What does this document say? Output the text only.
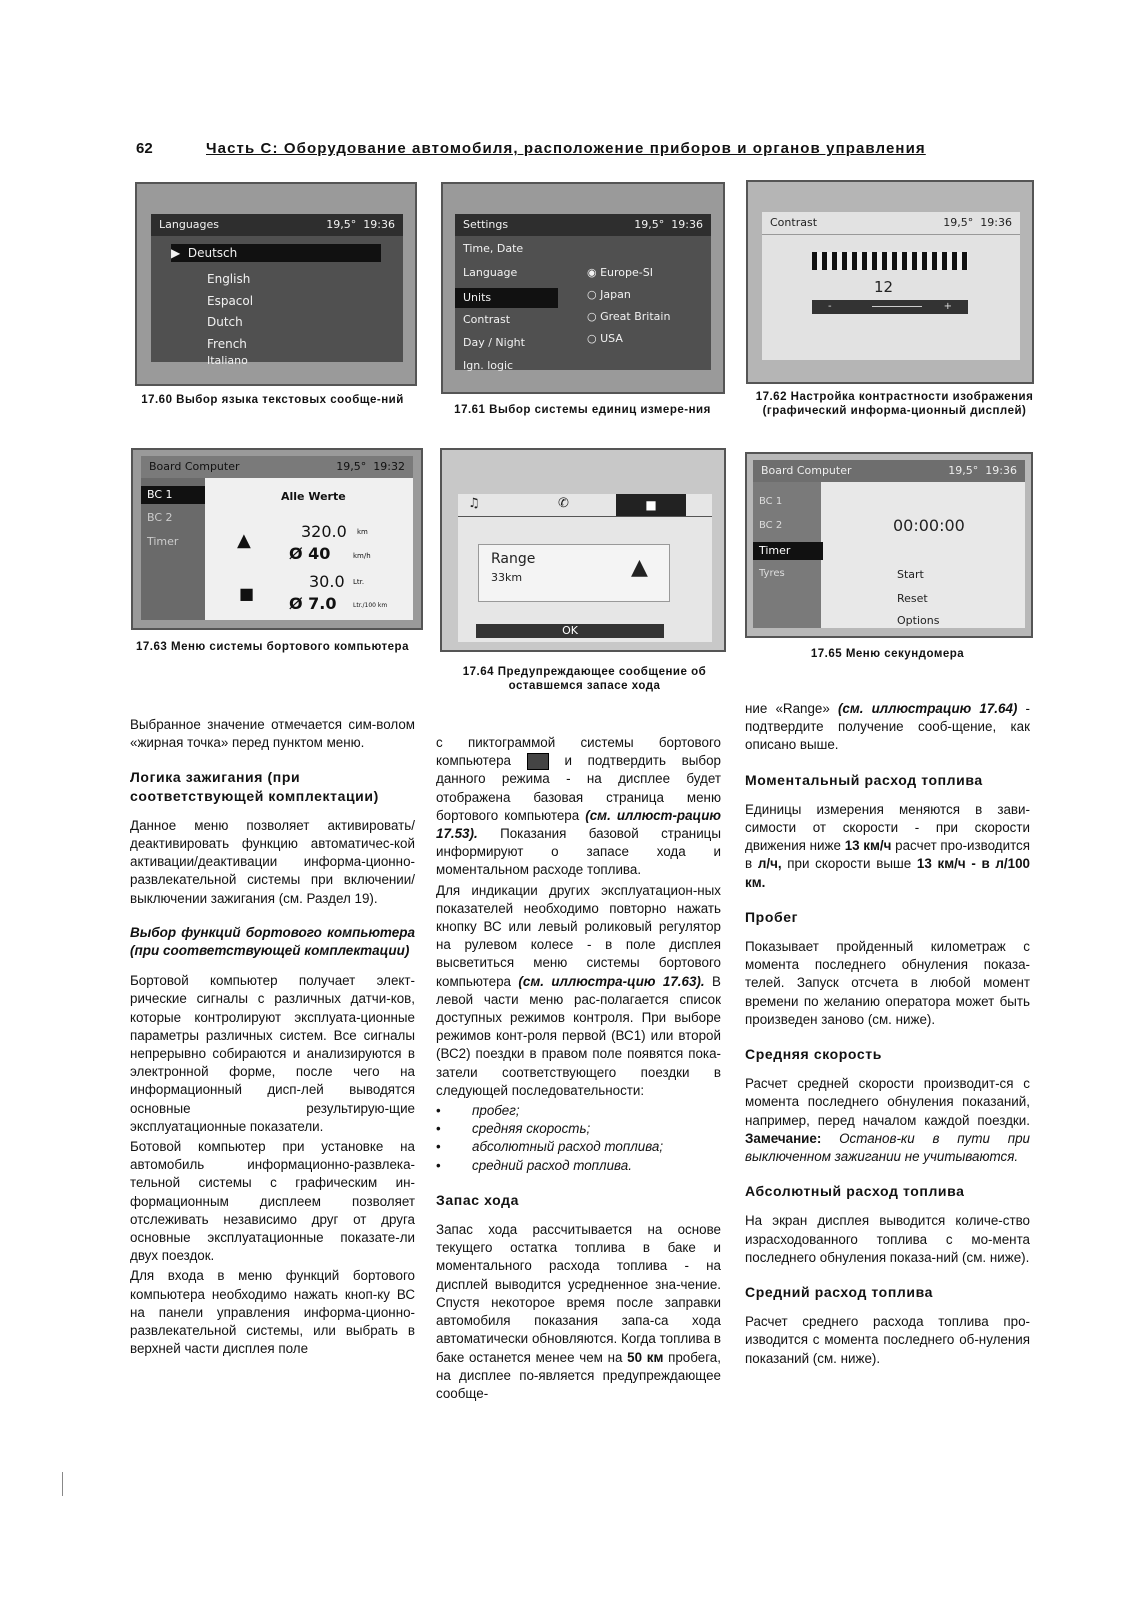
62	Часть С: Оборудование автомобиля, расположение приборов и органов управления
Languages	19,5° 19:36
▶ Deutsch
English
Espacol
Dutch
French
Italiano
17.60 Выбор языка текстовых сообще-ний
Settings	19,5° 19:36
Time, Date
Language
Units
Contrast
Day / Night
Ign. logic
◉ Europe-SI
○ Japan
○ Great Britain
○ USA
17.61 Выбор системы единиц измере-ния
Contrast	19,5° 19:36
12
-	+
17.62 Настройка контрастности изображения (графический информа-ционный дисплей)
Board Computer	19,5° 19:32
BC 1
BC 2
Timer
Alle Werte
▲	320.0 km
Ø 40	km/h
■
30.0 Ltr.
Ø 7.0	Ltr./100 km
17.63 Меню системы бортового компьютера
♫	✆	■
Range
33km	▲
OK
17.64 Предупреждающее сообщение об оставшемся запасе хода
Board Computer	19,5° 19:36
BC 1
BC 2
Timer
Tyres
00:00:00
Start
Reset
Options
17.65 Меню секундомера

Выбранное значение отмечается сим-волом «жирная точка» перед пунктом меню.

Логика зажигания (при соответствующей комплектации)

Данное меню позволяет активировать/деактивировать функцию автоматичес-кой активации/деактивации информа-ционно-развлекательной системы при включении/выключении зажигания (см. Раздел 19).

Выбор функций бортового компьютера (при соответствующей комплектации)

Бортовой компьютер получает элект-рические сигналы с различных датчи-ков, которые контролируют эксплуата-ционные параметры различных систем. Все сигналы непрерывно собираются и анализируются в электронной форме, после чего на информационный дисп-лей выводятся основные результирую-щие эксплуатационные показатели.

Ботовой компьютер при установке на автомобиль информационно-развлека-тельной системы с графическим ин-формационным дисплеем позволяет отслеживать независимо друг от друга основные эксплуатационные показате-ли двух поездок.

Для входа в меню функций бортового компьютера необходимо нажать кноп-ку ВС на панели управления информа-ционно-развлекательной системы, или выбрать в верхней части дисплея поле

с пиктограммой системы бортового компьютера	и подтвердить выбор данного режима - на дисплее будет отображена базовая страница меню бортового компьютера (см. иллюст-рацию 17.53). Показания базовой страницы информируют о запасе хода и моментальном расходе топлива.

Для индикации других эксплуатацион-ных показателей необходимо повторно нажать кнопку ВС или левый роликовый регулятор на рулевом колесе - в поле дисплея высветиться меню системы бортового компьютера (см. иллюстра-цию 17.63). В левой части меню рас-полагается список доступных режимов контроля. При выборе режимов конт-роля первой (ВС1) или второй (ВС2) поездки в правом поле появятся пока-затели соответствующего поездки в следующей последовательности:

• пробег;
• средняя скорость;
• абсолютный расход топлива;
• средний расход топлива.
Запас хода

Запас хода рассчитывается на основе текущего остатка топлива в баке и моментального расхода топлива - на дисплей выводится усредненное зна-чение. Спустя некоторое время после заправки автомобиля показания запа-са хода автоматически обновляются. Когда топлива в баке останется менее чем на 50 км пробега, на дисплее по-является предупреждающее сообще-

ние «Range» (см. иллюстрацию 17.64) - подтвердите получение сооб-щение, как описано выше.

Моментальный расход топлива

Единицы измерения меняются в зави-симости от скорости - при скорости движения ниже 13 км/ч расчет про-изводится в л/ч, при скорости выше 13 км/ч - в л/100 км.

Пробег

Показывает пройденный километраж с момента последнего обнуления показа-телей. Запуск отсчета в любой момент времени по желанию оператора может быть произведен заново (см. ниже).

Средняя скорость

Расчет средней скорости производит-ся с момента последнего обнуления показаний, например, перед началом каждой поездки. Замечание: Останов-ки в пути при выключенном зажигании не учитываются.

Абсолютный расход топлива

На экран дисплея выводится количе-ство израсходованного топлива с мо-мента последнего обнуления показа-ний (см. ниже).

Средний расход топлива

Расчет среднего расхода топлива про-изводится с момента последнего об-нуления показаний (см. ниже).
